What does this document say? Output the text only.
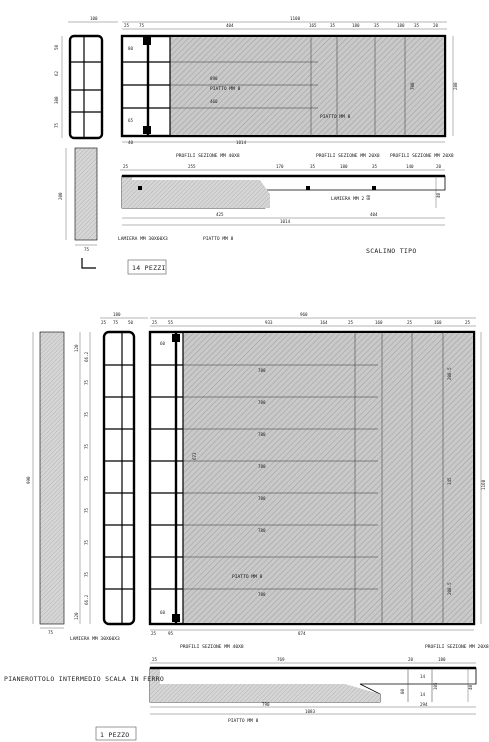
100	1100
25 75	404	165	35	180	35	180 35	20
50
62
380
75
280
890
460
700
80
65
1014
40
PIATTO MM 8
PIATTO MM 8
PROFILI SEZIONE MM 40X8	PROFILI SEZIONE MM 20X8 PROFILI SEZIONE MM 20X8
200
75
25	255	170	35	180	35	140	20
40
80
LAMIERA MM 2
425	404
1014
LAMIERA MM 30X60X3	PIATTO MM 8
SCALINO TIPO
14 PEZZI
180	960
25	55	933	164	25	160	25	160	25
25 75 50
990
75
LAMIERA MM 30X60X3
120
66.2
75
75
75
75
75
75
75
66.2
120
780
780
780
780
780
780
780
PIATTO MM 8
60
673
60
25	95	874
1160
208.5
145
208.5
PROFILI SEZIONE MM 40X8	PROFILI SEZIONE MM 20X8
25	769	20	180
40
14
105
14
80
790	294
1083
PIATTO MM 8
PIANEROTTOLO INTERMEDIO SCALA IN FERRO
1 PEZZO
